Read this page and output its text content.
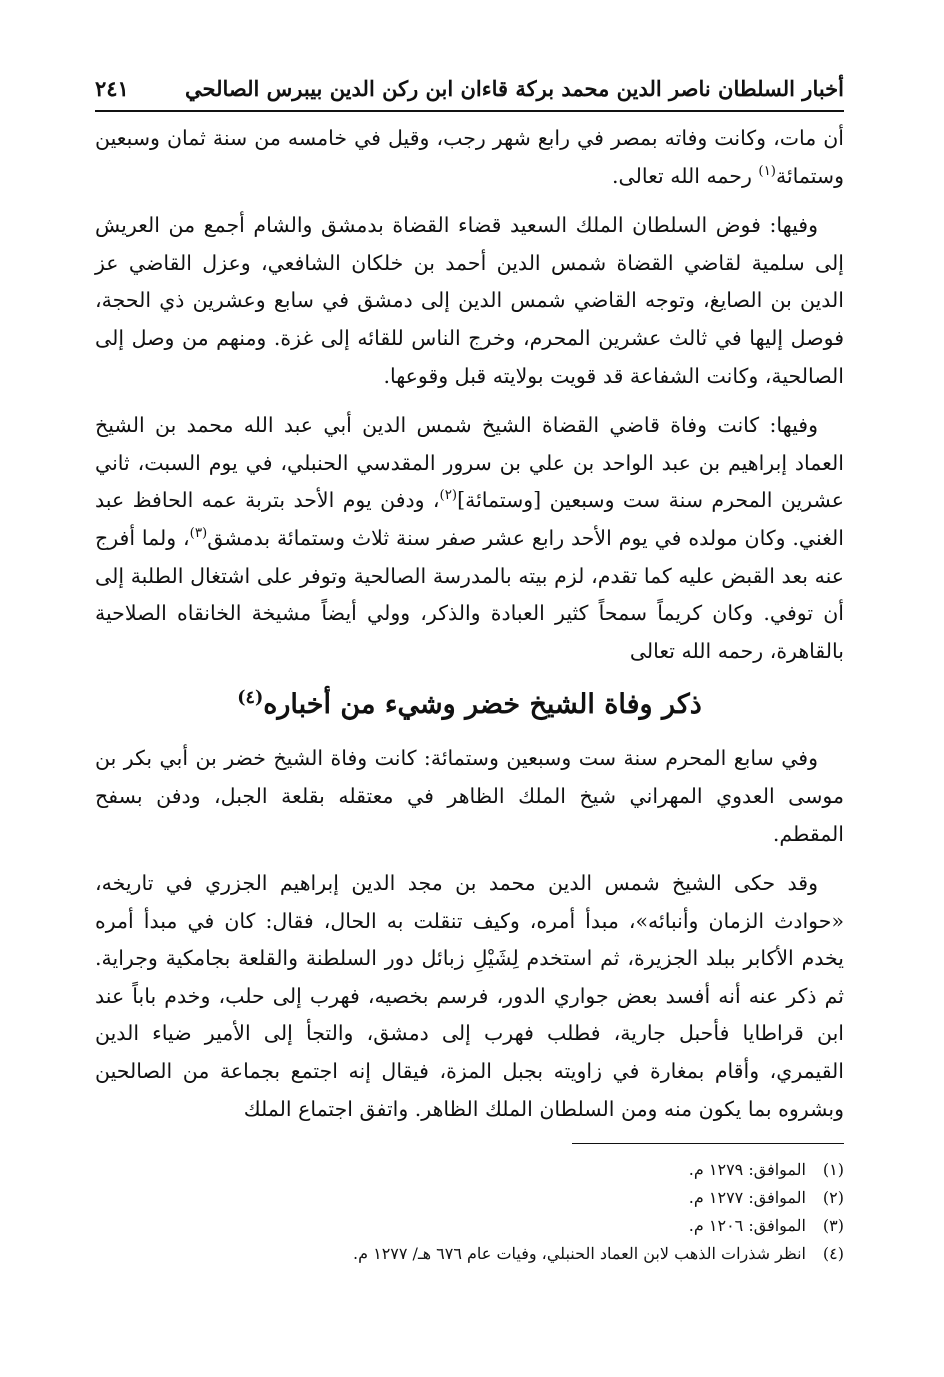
أخبار السلطان ناصر الدين محمد بركة قاءان ابن ركن الدين بيبرس الصالحي
٢٤١

أن مات، وكانت وفاته بمصر في رابع شهر رجب، وقيل في خامسه من سنة ثمان وسبعين وستمائة$^{(١)}$ رحمه الله تعالى.

وفيها: فوض السلطان الملك السعيد قضاء القضاة بدمشق والشام أجمع من العريش إلى سلمية لقاضي القضاة شمس الدين أحمد بن خلكان الشافعي، وعزل القاضي عز الدين بن الصايغ، وتوجه القاضي شمس الدين إلى دمشق في سابع وعشرين ذي الحجة، فوصل إليها في ثالث عشرين المحرم، وخرج الناس للقائه إلى غزة. ومنهم من وصل إلى الصالحية، وكانت الشفاعة قد قويت بولايته قبل وقوعها.

وفيها: كانت وفاة قاضي القضاة الشيخ شمس الدين أبي عبد الله محمد بن الشيخ العماد إبراهيم بن عبد الواحد بن علي بن سرور المقدسي الحنبلي، في يوم السبت، ثاني عشرين المحرم سنة ست وسبعين [وستمائة]$^{(٢)}$، ودفن يوم الأحد بتربة عمه الحافظ عبد الغني. وكان مولده في يوم الأحد رابع عشر صفر سنة ثلاث وستمائة بدمشق$^{(٣)}$، ولما أفرج عنه بعد القبض عليه كما تقدم، لزم بيته بالمدرسة الصالحية وتوفر على اشتغال الطلبة إلى أن توفي. وكان كريماً سمحاً كثير العبادة والذكر، وولي أيضاً مشيخة الخانقاه الصلاحية بالقاهرة، رحمه الله تعالى

ذكر وفاة الشيخ خضر وشيء من أخباره$^{(٤)}$

وفي سابع المحرم سنة ست وسبعين وستمائة: كانت وفاة الشيخ خضر بن أبي بكر بن موسى العدوي المهراني شيخ الملك الظاهر في معتقله بقلعة الجبل، ودفن بسفح المقطم.

وقد حكى الشيخ شمس الدين محمد بن مجد الدين إبراهيم الجزري في تاريخه، «حوادث الزمان وأنبائه»، مبدأ أمره، وكيف تنقلت به الحال، فقال: كان في مبدأ أمره يخدم الأكابر ببلد الجزيرة، ثم استخدم لِشَيْلِ زبائل دور السلطنة والقلعة بجامكية وجراية. ثم ذكر عنه أنه أفسد بعض جواري الدور، فرسم بخصيه، فهرب إلى حلب، وخدم باباً عند ابن قراطايا فأحبل جارية، فطلب فهرب إلى دمشق، والتجأ إلى الأمير ضياء الدين القيمري، وأقام بمغارة في زاويته بجبل المزة، فيقال إنه اجتمع بجماعة من الصالحين وبشروه بما يكون منه ومن السلطان الملك الظاهر. واتفق اجتماع الملك

(١)
الموافق: ١٢٧٩ م.
(٢)
الموافق: ١٢٧٧ م.
(٣)
الموافق: ١٢٠٦ م.
(٤)
انظر شذرات الذهب لابن العماد الحنبلي، وفيات عام ٦٧٦ هـ/ ١٢٧٧ م.
